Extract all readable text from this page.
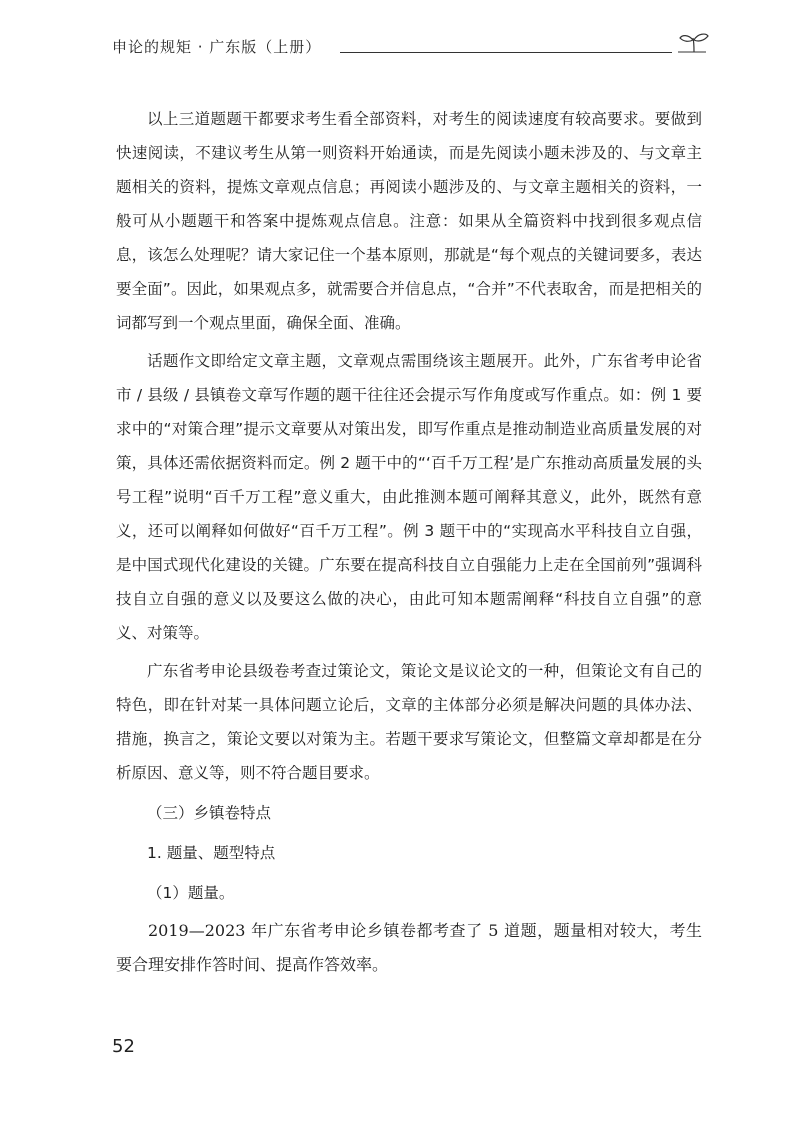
申论的规矩 · 广东版（上册）

以上三道题题干都要求考生看全部资料，对考生的阅读速度有较高要求。要做到快速阅读，不建议考生从第一则资料开始通读，而是先阅读小题未涉及的、与文章主题相关的资料，提炼文章观点信息；再阅读小题涉及的、与文章主题相关的资料，一般可从小题题干和答案中提炼观点信息。注意：如果从全篇资料中找到很多观点信息，该怎么处理呢？请大家记住一个基本原则，那就是“每个观点的关键词要多，表达要全面”。因此，如果观点多，就需要合并信息点，“合并”不代表取舍，而是把相关的词都写到一个观点里面，确保全面、准确。

话题作文即给定文章主题，文章观点需围绕该主题展开。此外，广东省考申论省市 / 县级 / 县镇卷文章写作题的题干往往还会提示写作角度或写作重点。如：例 1 要求中的“对策合理”提示文章要从对策出发，即写作重点是推动制造业高质量发展的对策，具体还需依据资料而定。例 2 题干中的“‘百千万工程’是广东推动高质量发展的头号工程”说明“百千万工程”意义重大，由此推测本题可阐释其意义，此外，既然有意义，还可以阐释如何做好“百千万工程”。例 3 题干中的“实现高水平科技自立自强，是中国式现代化建设的关键。广东要在提高科技自立自强能力上走在全国前列”强调科技自立自强的意义以及要这么做的决心，由此可知本题需阐释“科技自立自强”的意义、对策等。

广东省考申论县级卷考查过策论文，策论文是议论文的一种，但策论文有自己的特色，即在针对某一具体问题立论后，文章的主体部分必须是解决问题的具体办法、措施，换言之，策论文要以对策为主。若题干要求写策论文，但整篇文章却都是在分析原因、意义等，则不符合题目要求。

（三）乡镇卷特点

1. 题量、题型特点

（1）题量。

2019—2023 年广东省考申论乡镇卷都考查了 5 道题，题量相对较大，考生要合理安排作答时间、提高作答效率。

52
